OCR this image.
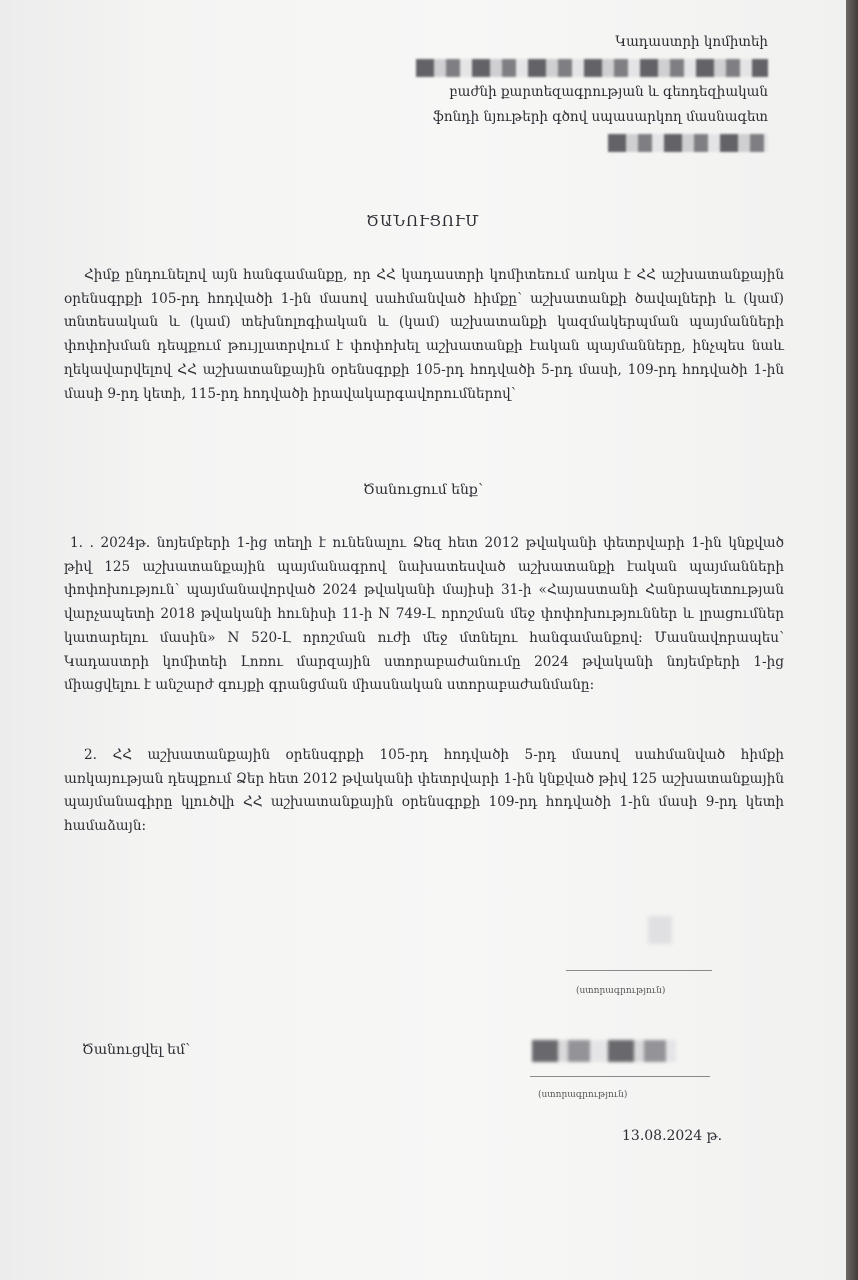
Կադաստրի կոմիտեի
բաժնի քարտեզագրության և գեոդեզիական
ֆոնդի նյութերի գծով սպասարկող մասնագետ
ԾԱՆՈՒՑՈՒՄ
Հիմք ընդունելով այն հանգամանքը, որ ՀՀ կադաստրի կոմիտեում առկա է ՀՀ աշխատանքային օրենսգրքի 105-րդ հոդվածի 1-ին մասով սահմանված հիմքը՝ աշխատանքի ծավալների և (կամ) տնտեսական և (կամ) տեխնոլոգիական և (կամ) աշխատանքի կազմակերպման պայմանների փոփոխման դեպքում թույլատրվում է փոփոխել աշխատանքի էական պայմանները, ինչպես նաև ղեկավարվելով ՀՀ աշխատանքային օրենսգրքի 105-րդ հոդվածի 5-րդ մասի, 109-րդ հոդվածի 1-ին մասի 9-րդ կետի, 115-րդ հոդվածի իրավակարգավորումներով՝
Ծանուցում ենք՝
1. . 2024թ. նոյեմբերի 1-ից տեղի է ունենալու Ձեզ հետ 2012 թվականի փետրվարի 1-ին կնքված թիվ 125 աշխատանքային պայմանագրով նախատեսված աշխատանքի էական պայմանների փոփոխություն՝ պայմանավորված 2024 թվականի մայիսի 31-ի «Հայաստանի Հանրապետության վարչապետի 2018 թվականի հունիսի 11-ի N 749-Լ որոշման մեջ փոփոխություններ և լրացումներ կատարելու մասին» N 520-Լ որոշման ուժի մեջ մտնելու հանգամանքով: Մասնավորապես՝ Կադաստրի կոմիտեի Լոռու մարզային ստորաբաժանումը 2024 թվականի նոյեմբերի 1-ից միացվելու է անշարժ գույքի գրանցման միասնական ստորաբաժանմանը:
2. ՀՀ աշխատանքային օրենսգրքի 105-րդ հոդվածի 5-րդ մասով սահմանված հիմքի առկայության դեպքում Ձեր հետ 2012 թվականի փետրվարի 1-ին կնքված թիվ 125 աշխատանքային պայմանագիրը կլուծվի ՀՀ աշխատանքային օրենսգրքի 109-րդ հոդվածի 1-ին մասի 9-րդ կետի համաձայն:
(ստորագրություն)
Ծանուցվել եմ՝
(ստորագրություն)
13.08.2024 թ.
